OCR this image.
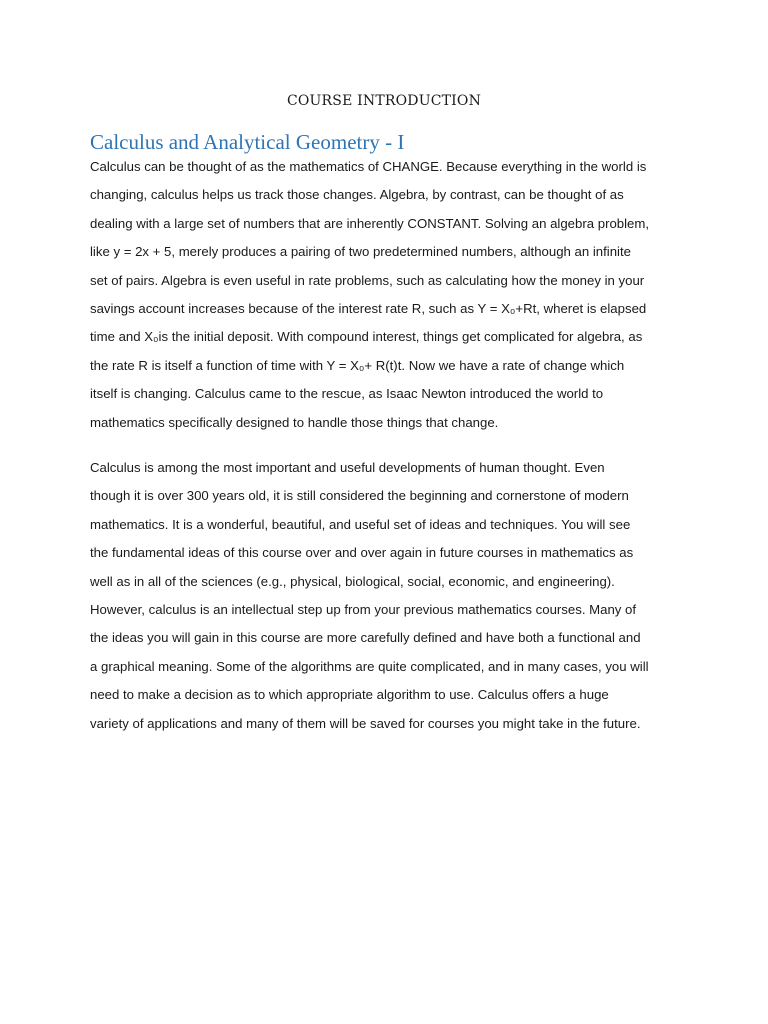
COURSE INTRODUCTION
Calculus and Analytical Geometry - I
Calculus can be thought of as the mathematics of CHANGE. Because everything in the world is
changing, calculus helps us track those changes. Algebra, by contrast, can be thought of as
dealing with a large set of numbers that are inherently CONSTANT. Solving an algebra problem,
like y = 2x + 5, merely produces a pairing of two predetermined numbers, although an infinite
set of pairs. Algebra is even useful in rate problems, such as calculating how the money in your
savings account increases because of the interest rate R, such as Y = X₀+Rt, wheret is elapsed
time and X₀is the initial deposit. With compound interest, things get complicated for algebra, as
the rate R is itself a function of time with Y = X₀+ R(t)t. Now we have a rate of change which
itself is changing. Calculus came to the rescue, as Isaac Newton introduced the world to
mathematics specifically designed to handle those things that change.
Calculus is among the most important and useful developments of human thought. Even
though it is over 300 years old, it is still considered the beginning and cornerstone of modern
mathematics. It is a wonderful, beautiful, and useful set of ideas and techniques. You will see
the fundamental ideas of this course over and over again in future courses in mathematics as
well as in all of the sciences (e.g., physical, biological, social, economic, and engineering).
However, calculus is an intellectual step up from your previous mathematics courses. Many of
the ideas you will gain in this course are more carefully defined and have both a functional and
a graphical meaning. Some of the algorithms are quite complicated, and in many cases, you will
need to make a decision as to which appropriate algorithm to use. Calculus offers a huge
variety of applications and many of them will be saved for courses you might take in the future.
